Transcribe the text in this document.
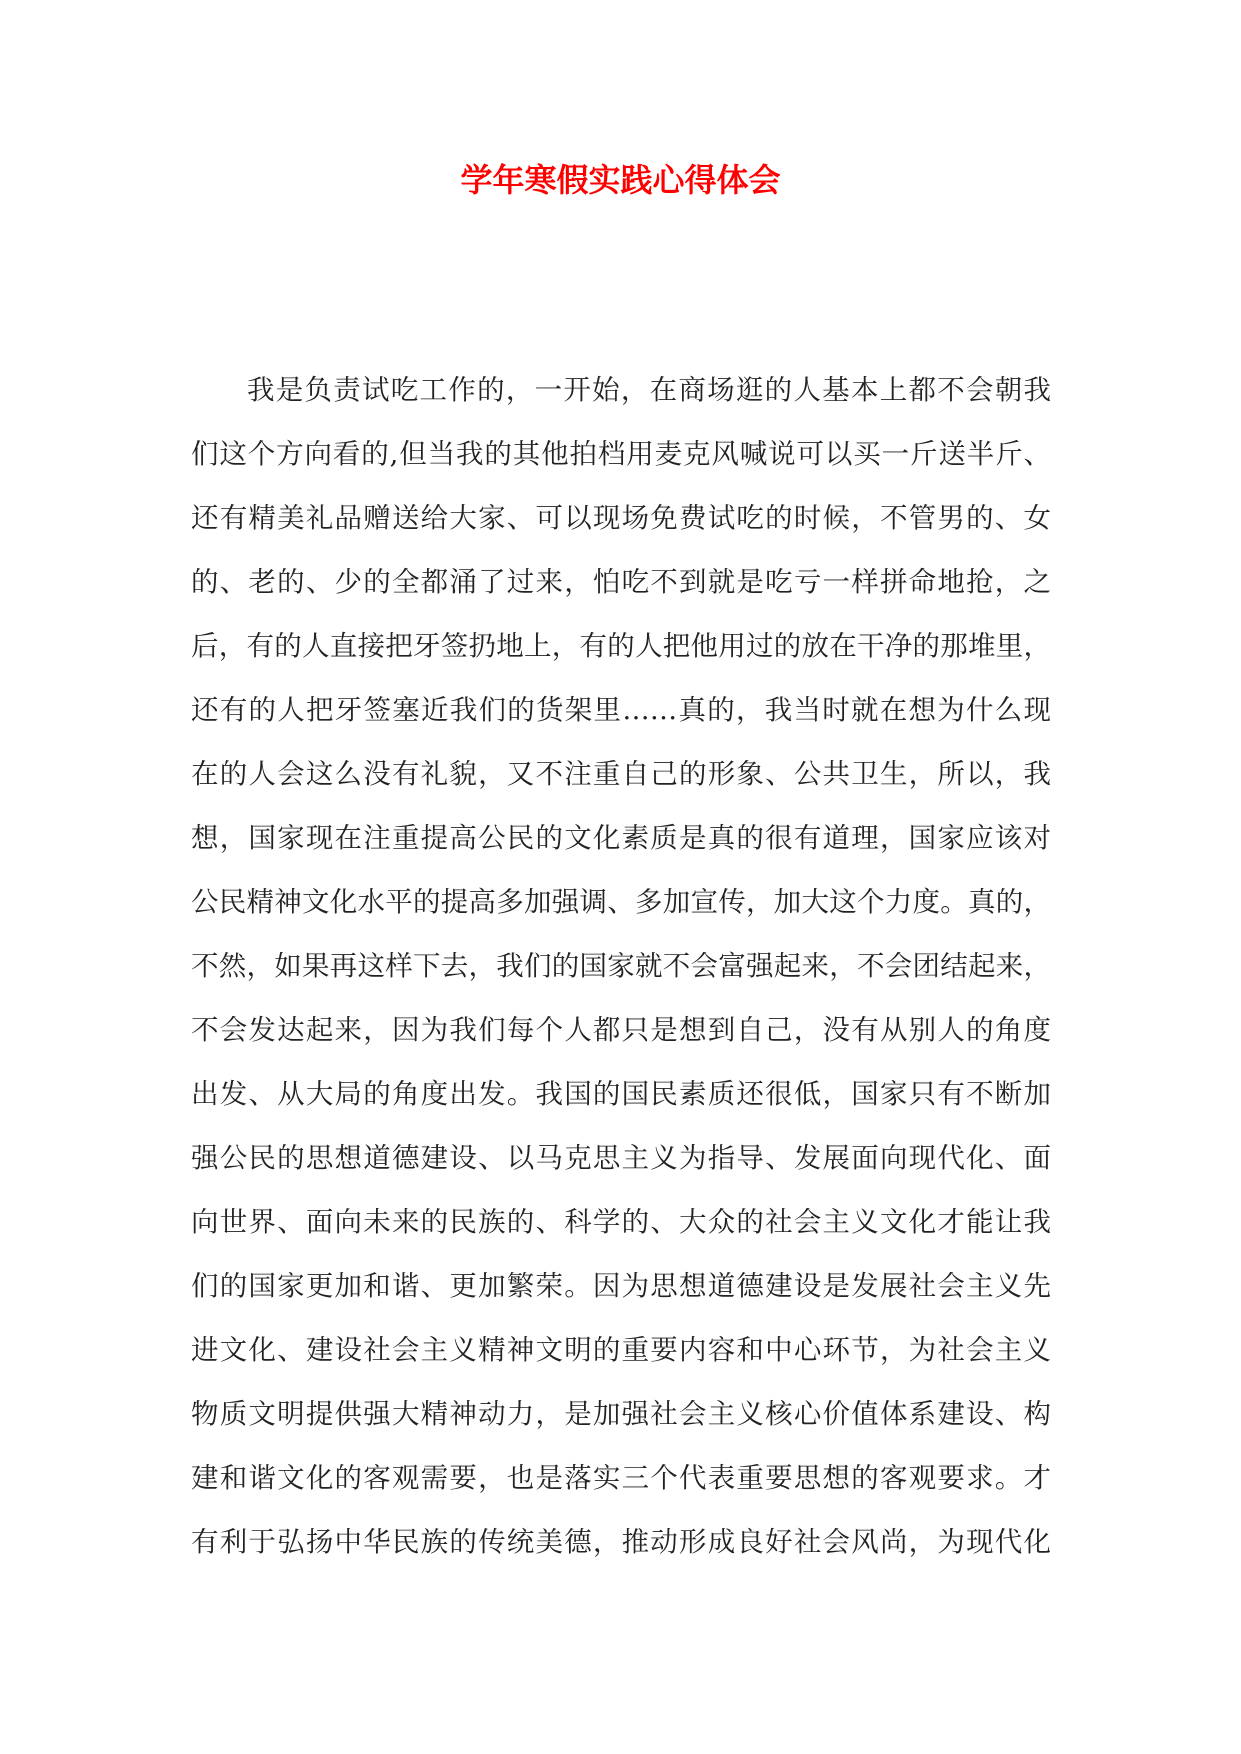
学年寒假实践心得体会
我是负责试吃工作的，一开始，在商场逛的人基本上都不会朝我
们这个方向看的,但当我的其他拍档用麦克风喊说可以买一斤送半斤、
还有精美礼品赠送给大家、可以现场免费试吃的时候，不管男的、女
的、老的、少的全都涌了过来，怕吃不到就是吃亏一样拼命地抢，之
后，有的人直接把牙签扔地上，有的人把他用过的放在干净的那堆里，
还有的人把牙签塞近我们的货架里……真的，我当时就在想为什么现
在的人会这么没有礼貌，又不注重自己的形象、公共卫生，所以，我
想，国家现在注重提高公民的文化素质是真的很有道理，国家应该对
公民精神文化水平的提高多加强调、多加宣传，加大这个力度。真的，
不然，如果再这样下去，我们的国家就不会富强起来，不会团结起来，
不会发达起来，因为我们每个人都只是想到自己，没有从别人的角度
出发、从大局的角度出发。我国的国民素质还很低，国家只有不断加
强公民的思想道德建设、以马克思主义为指导、发展面向现代化、面
向世界、面向未来的民族的、科学的、大众的社会主义文化才能让我
们的国家更加和谐、更加繁荣。因为思想道德建设是发展社会主义先
进文化、建设社会主义精神文明的重要内容和中心环节，为社会主义
物质文明提供强大精神动力，是加强社会主义核心价值体系建设、构
建和谐文化的客观需要，也是落实三个代表重要思想的客观要求。才
有利于弘扬中华民族的传统美德，推动形成良好社会风尚，为现代化
